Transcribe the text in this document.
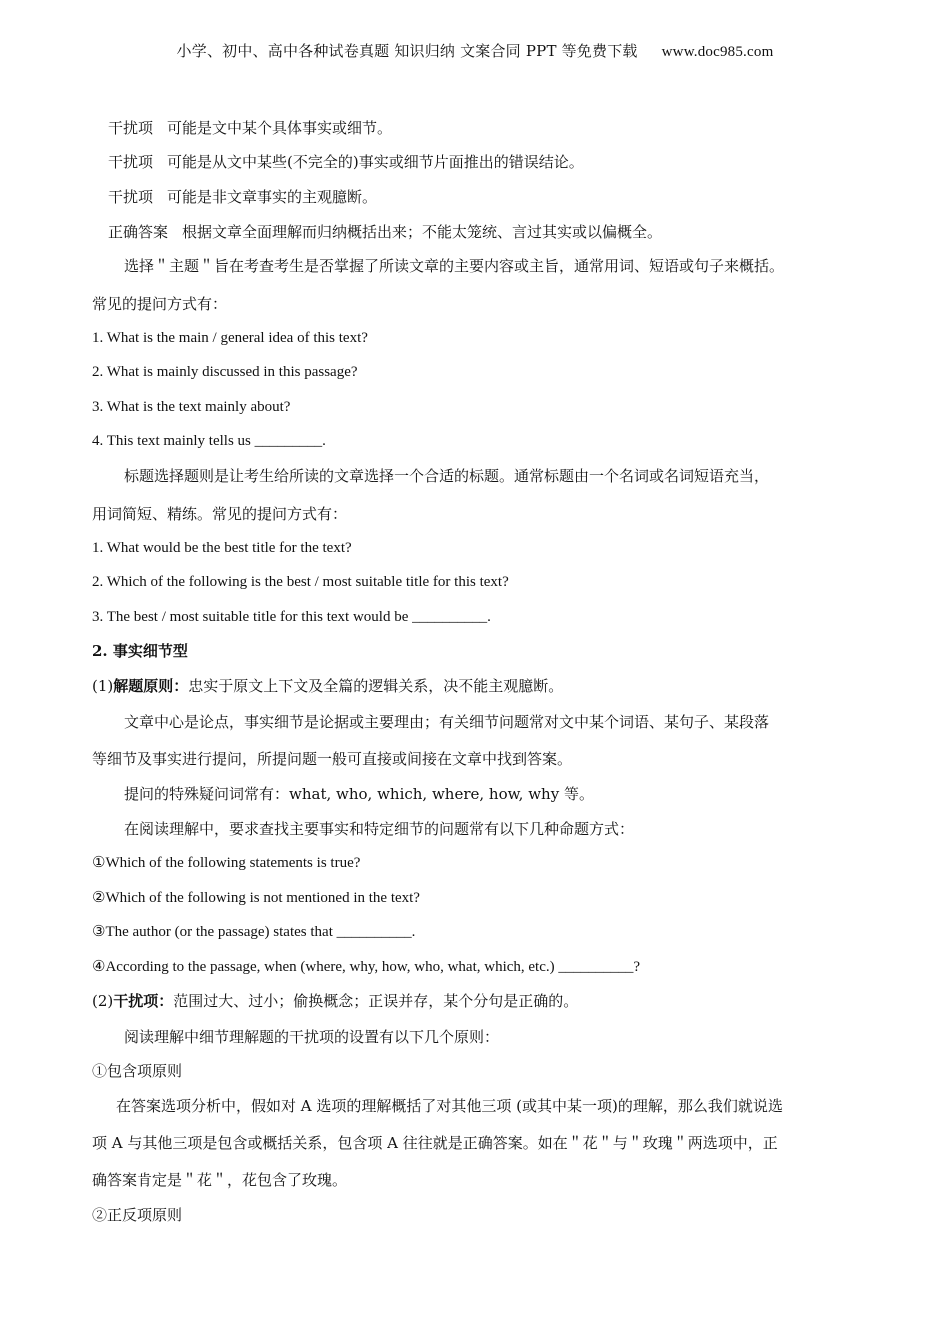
小学、初中、高中各种试卷真题 知识归纳 文案合同 PPT 等免费下载 www.doc985.com
干扰项 可能是文中某个具体事实或细节。
干扰项 可能是从文中某些(不完全的)事实或细节片面推出的错误结论。
干扰项 可能是非文章事实的主观臆断。
正确答案 根据文章全面理解而归纳概括出来；不能太笼统、言过其实或以偏概全。
选择＂主题＂旨在考查考生是否掌握了所读文章的主要内容或主旨，通常用词、短语或句子来概括。
常见的提问方式有：
1. What is the main / general idea of this text?
2. What is mainly discussed in this passage?
3. What is the text mainly about?
4. This text mainly tells us _________.
标题选择题则是让考生给所读的文章选择一个合适的标题。通常标题由一个名词或名词短语充当，
用词简短、精练。常见的提问方式有：
1. What would be the best title for the text?
2. Which of the following is the best / most suitable title for this text?
3. The best / most suitable title for this text would be __________.
2. 事实细节型
(1)解题原则：忠实于原文上下文及全篇的逻辑关系，决不能主观臆断。
文章中心是论点，事实细节是论据或主要理由；有关细节问题常对文中某个词语、某句子、某段落
等细节及事实进行提问，所提问题一般可直接或间接在文章中找到答案。
提问的特殊疑问词常有：what, who, which, where, how, why 等。
在阅读理解中，要求查找主要事实和特定细节的问题常有以下几种命题方式：
①Which of the following statements is true?
②Which of the following is not mentioned in the text?
③The author (or the passage) states that __________.
④According to the passage, when (where, why, how, who, what, which, etc.) __________?
(2)干扰项：范围过大、过小；偷换概念；正误并存，某个分句是正确的。
阅读理解中细节理解题的干扰项的设置有以下几个原则：
①包含项原则
在答案选项分析中，假如对 A 选项的理解概括了对其他三项 (或其中某一项)的理解，那么我们就说选
项 A 与其他三项是包含或概括关系，包含项 A 往往就是正确答案。如在＂花＂与＂玫瑰＂两选项中，正
确答案肯定是＂花＂，花包含了玫瑰。
②正反项原则
